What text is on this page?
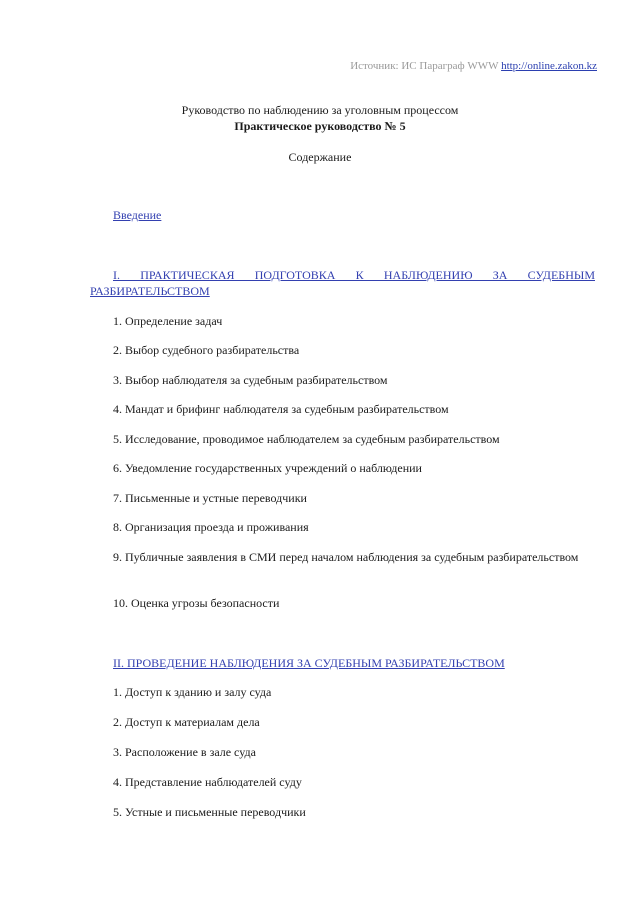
Источник: ИС Параграф WWW http://online.zakon.kz
Руководство по наблюдению за уголовным процессом
Практическое руководство № 5
Содержание
Введение
I. ПРАКТИЧЕСКАЯ ПОДГОТОВКА К НАБЛЮДЕНИЮ ЗА СУДЕБНЫМ РАЗБИРАТЕЛЬСТВОМ
1. Определение задач
2. Выбор судебного разбирательства
3. Выбор наблюдателя за судебным разбирательством
4. Мандат и брифинг наблюдателя за судебным разбирательством
5. Исследование, проводимое наблюдателем за судебным разбирательством
6. Уведомление государственных учреждений о наблюдении
7. Письменные и устные переводчики
8. Организация проезда и проживания
9. Публичные заявления в СМИ перед началом наблюдения за судебным разбирательством
10. Оценка угрозы безопасности
II. ПРОВЕДЕНИЕ НАБЛЮДЕНИЯ ЗА СУДЕБНЫМ РАЗБИРАТЕЛЬСТВОМ
1. Доступ к зданию и залу суда
2. Доступ к материалам дела
3. Расположение в зале суда
4. Представление наблюдателей суду
5. Устные и письменные переводчики
